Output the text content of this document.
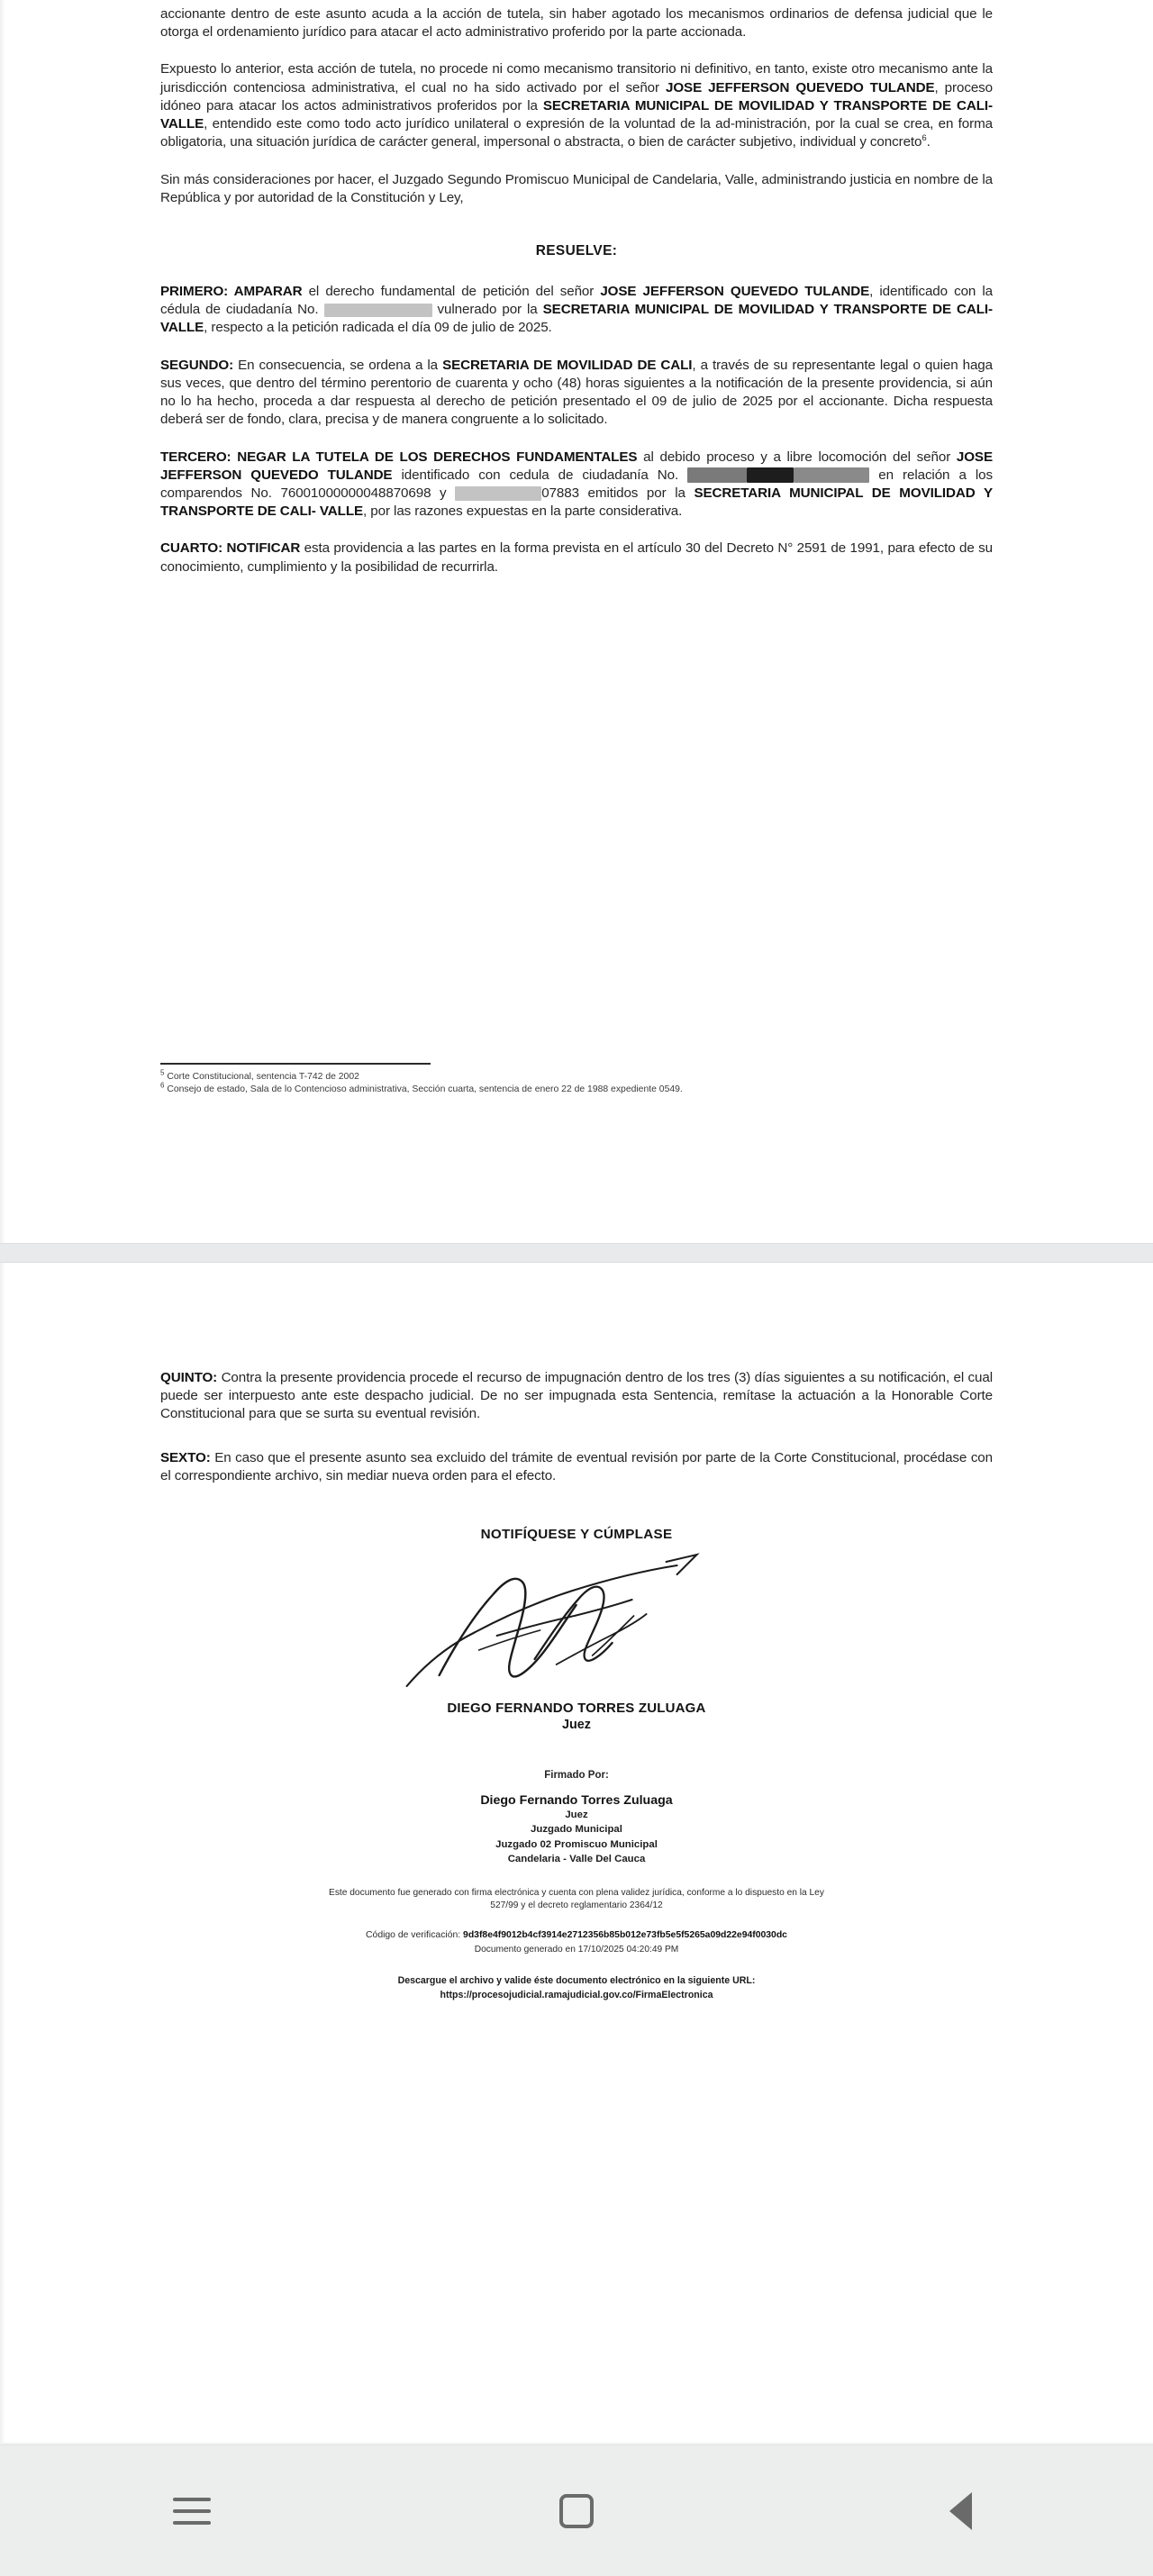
accionante dentro de este asunto acuda a la acción de tutela, sin haber agotado los mecanismos ordinarios de defensa judicial que le otorga el ordenamiento jurídico para atacar el acto administrativo proferido por la parte accionada.

Expuesto lo anterior, esta acción de tutela, no procede ni como mecanismo transitorio ni definitivo, en tanto, existe otro mecanismo ante la jurisdicción contenciosa administrativa, el cual no ha sido activado por el señor JOSE JEFFERSON QUEVEDO TULANDE, proceso idóneo para atacar los actos administrativos proferidos por la SECRETARIA MUNICIPAL DE MOVILIDAD Y TRANSPORTE DE CALI- VALLE, entendido este como todo acto jurídico unilateral o expresión de la voluntad de la ad-ministración, por la cual se crea, en forma obligatoria, una situación jurídica de carácter general, impersonal o abstracta, o bien de carácter subjetivo, individual y concreto$^6$.

Sin más consideraciones por hacer, el Juzgado Segundo Promiscuo Municipal de Candelaria, Valle, administrando justicia en nombre de la República y por autoridad de la Constitución y Ley,

RESUELVE:

PRIMERO: AMPARAR el derecho fundamental de petición del señor JOSE JEFFERSON QUEVEDO TULANDE, identificado con la cédula de ciudadanía No.	vulnerado por la SECRETARIA MUNICIPAL DE MOVILIDAD Y TRANSPORTE DE CALI- VALLE, respecto a la petición radicada el día 09 de julio de 2025.

SEGUNDO: En consecuencia, se ordena a la SECRETARIA DE MOVILIDAD DE CALI, a través de su representante legal o quien haga sus veces, que dentro del término perentorio de cuarenta y ocho (48) horas siguientes a la notificación de la presente providencia, si aún no lo ha hecho, proceda a dar respuesta al derecho de petición presentado el 09 de julio de 2025 por el accionante. Dicha respuesta deberá ser de fondo, clara, precisa y de manera congruente a lo solicitado.

TERCERO: NEGAR LA TUTELA DE LOS DERECHOS FUNDAMENTALES al debido proceso y a libre locomoción del señor JOSE JEFFERSON QUEVEDO TULANDE identificado con cedula de ciudadanía No.	en relación a los comparendos No. 76001000000048870698 y	07883 emitidos por la SECRETARIA MUNICIPAL DE MOVILIDAD Y TRANSPORTE DE CALI- VALLE, por las razones expuestas en la parte considerativa.

CUARTO: NOTIFICAR esta providencia a las partes en la forma prevista en el artículo 30 del Decreto N° 2591 de 1991, para efecto de su conocimiento, cumplimiento y la posibilidad de recurrirla.

$^5$ Corte Constitucional, sentencia T-742 de 2002

$^6$ Consejo de estado, Sala de lo Contencioso administrativa, Sección cuarta, sentencia de enero 22 de 1988 expediente 0549.

QUINTO: Contra la presente providencia procede el recurso de impugnación dentro de los tres (3) días siguientes a su notificación, el cual puede ser interpuesto ante este despacho judicial. De no ser impugnada esta Sentencia, remítase la actuación a la Honorable Corte Constitucional para que se surta su eventual revisión.

SEXTO: En caso que el presente asunto sea excluido del trámite de eventual revisión por parte de la Corte Constitucional, procédase con el correspondiente archivo, sin mediar nueva orden para el efecto.

NOTIFÍQUESE Y CÚMPLASE

DIEGO FERNANDO TORRES ZULUAGA

Juez

Firmado Por:

Diego Fernando Torres Zuluaga

Juez

Juzgado Municipal

Juzgado 02 Promiscuo Municipal

Candelaria - Valle Del Cauca

Este documento fue generado con firma electrónica y cuenta con plena validez jurídica, conforme a lo dispuesto en la Ley
527/99 y el decreto reglamentario 2364/12
Código de verificación: 9d3f8e4f9012b4cf3914e2712356b85b012e73fb5e5f5265a09d22e94f0030dc
Documento generado en 17/10/2025 04:20:49 PM
Descargue el archivo y valide éste documento electrónico en la siguiente URL:
https://procesojudicial.ramajudicial.gov.co/FirmaElectronica
